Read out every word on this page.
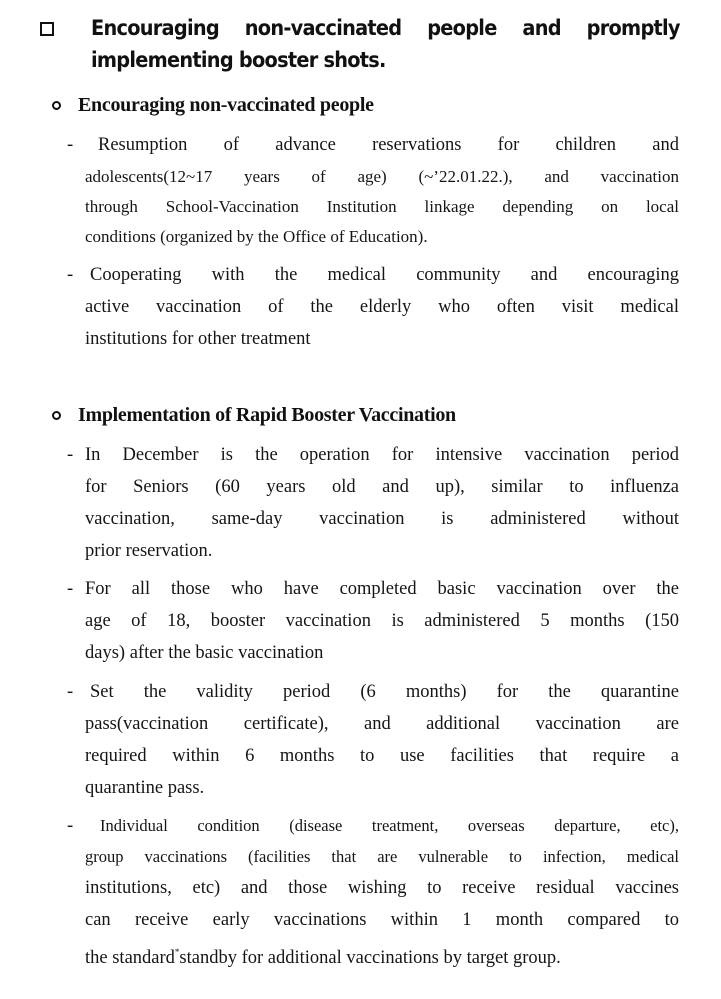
Encouraging non-vaccinated people and promptly
implementing booster shots.
Encouraging non-vaccinated people
- Resumption of advance reservations for children and
adolescents(12~17 years of age) (~’22.01.22.), and vaccination
through School-Vaccination Institution linkage depending on local
conditions (organized by the Office of Education).
- Cooperating with the medical community and encouraging
active vaccination of the elderly who often visit medical
institutions for other treatment
Implementation of Rapid Booster Vaccination
- In December is the operation for intensive vaccination period
for Seniors (60 years old and up), similar to influenza
vaccination, same-day vaccination is administered without
prior reservation.
- For all those who have completed basic vaccination over the
age of 18, booster vaccination is administered 5 months (150
days) after the basic vaccination
- Set the validity period (6 months) for the quarantine
pass(vaccination certificate), and additional vaccination are
required within 6 months to use facilities that require a
quarantine pass.
- Individual condition (disease treatment, overseas departure, etc),
group vaccinations (facilities that are vulnerable to infection, medical
institutions, etc) and those wishing to receive residual vaccines
can receive early vaccinations within 1 month compared to
the standard*standby for additional vaccinations by target group.
